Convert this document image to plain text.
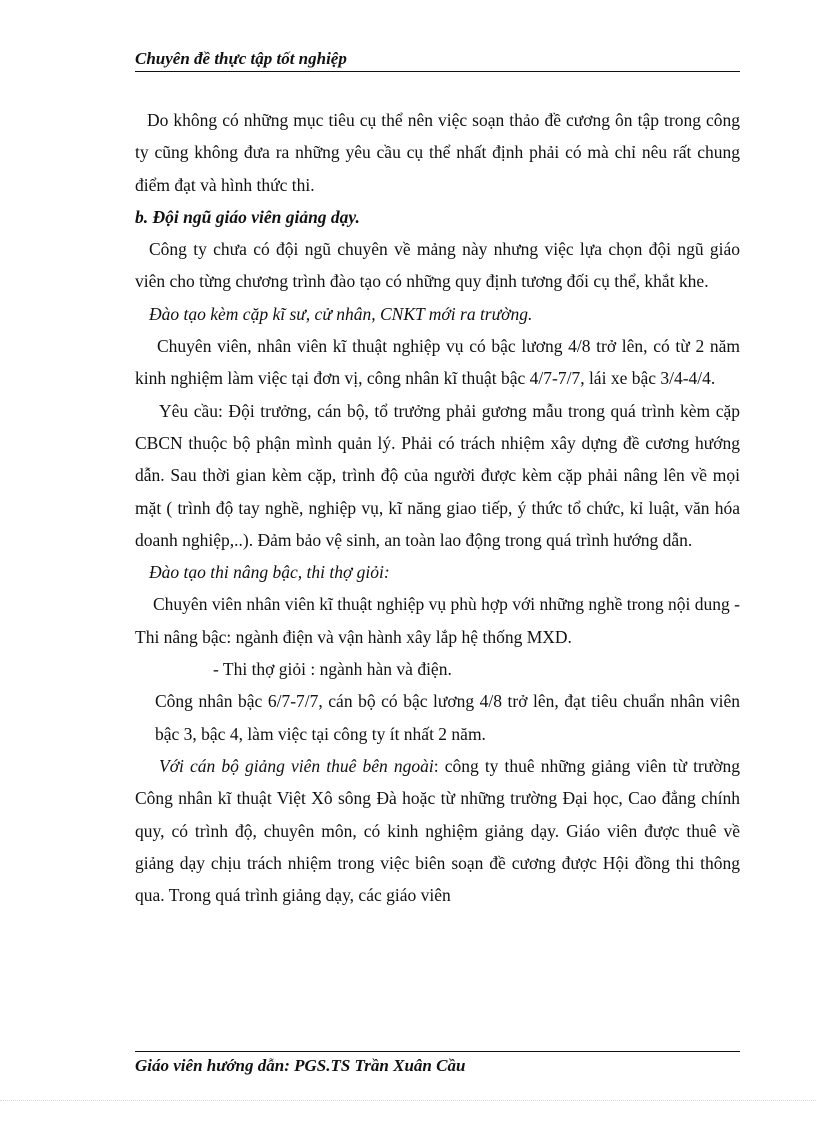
Chuyên đề thực tập tốt nghiệp

Do không có những mục tiêu cụ thể nên việc soạn thảo đề cương ôn tập trong công ty cũng không đưa ra những yêu cầu cụ thể nhất định phải có mà chỉ nêu rất chung điểm đạt và hình thức thi.

b. Đội ngũ giáo viên giảng dạy.

Công ty chưa có đội ngũ chuyên về mảng này nhưng việc lựa chọn đội ngũ giáo viên cho từng chương trình đào tạo có những quy định tương đối cụ thể, khắt khe.

Đào tạo kèm cặp kĩ sư, cử nhân, CNKT mới ra trường.

Chuyên viên, nhân viên kĩ thuật nghiệp vụ có bậc lương 4/8 trở lên, có từ 2 năm kinh nghiệm làm việc tại đơn vị, công nhân kĩ thuật bậc 4/7-7/7, lái xe bậc 3/4-4/4.

Yêu cầu: Đội trưởng, cán bộ, tổ trưởng phải gương mẫu trong quá trình kèm cặp CBCN thuộc bộ phận mình quản lý. Phải có trách nhiệm xây dựng đề cương hướng dẫn. Sau thời gian kèm cặp, trình độ của người được kèm cặp phải nâng lên về mọi mặt ( trình độ tay nghề, nghiệp vụ, kĩ năng giao tiếp, ý thức tổ chức, kỉ luật, văn hóa doanh nghiệp,..). Đảm bảo vệ sinh, an toàn lao động trong quá trình hướng dẫn.

Đào tạo thi nâng bậc, thi thợ giỏi:

Chuyên viên nhân viên kĩ thuật nghiệp vụ phù hợp với những nghề trong nội dung - Thi nâng bậc: ngành điện và vận hành xây lắp hệ thống MXD.

- Thi thợ giỏi : ngành hàn và điện.

Công nhân bậc 6/7-7/7, cán bộ có bậc lương 4/8 trở lên, đạt tiêu chuẩn nhân viên bậc 3, bậc 4, làm việc tại công ty ít nhất 2 năm.

Với cán bộ giảng viên thuê bên ngoài: công ty thuê những giảng viên từ trường Công nhân kĩ thuật Việt Xô sông Đà hoặc từ những trường Đại học, Cao đẳng chính quy, có trình độ, chuyên môn, có kinh nghiệm giảng dạy. Giáo viên được thuê về giảng dạy chịu trách nhiệm trong việc biên soạn đề cương được Hội đồng thi thông qua. Trong quá trình giảng dạy, các giáo viên

Giáo viên hướng dẫn: PGS.TS Trần Xuân Cầu
